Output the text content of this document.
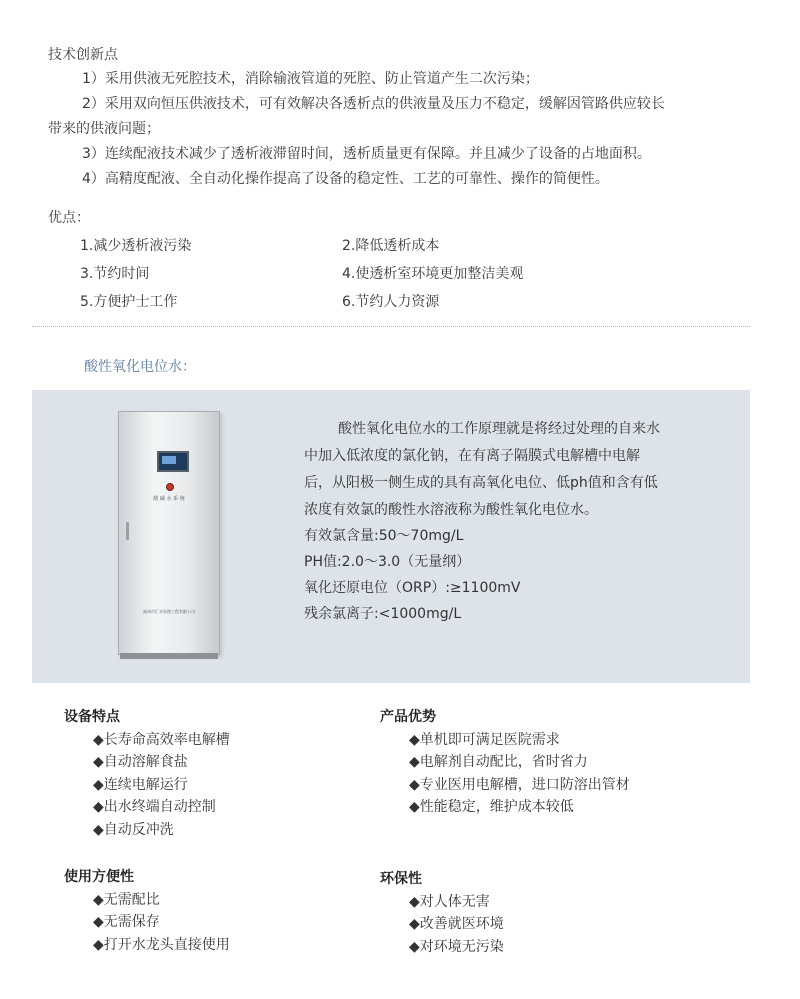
技术创新点
1）采用供液无死腔技术，消除输液管道的死腔、防止管道产生二次污染；
2）采用双向恒压供液技术，可有效解决各透析点的供液量及压力不稳定，缓解因管路供应较长
带来的供液问题；
3）连续配液技术减少了透析液滞留时间，透析质量更有保障。并且减少了设备的占地面积。
4）高精度配液、全自动化操作提高了设备的稳定性、工艺的可靠性、操作的简便性。
优点：
1.减少透析液污染
3.节约时间
5.方便护士工作
2.降低透析成本
4.使透析室环境更加整洁美观
6.节约人力资源
酸性氧化电位水：
酸 碱 水 系 统
福州市汇水处理工程有限公司
酸性氧化电位水的工作原理就是将经过处理的自来水
中加入低浓度的氯化钠，在有离子隔膜式电解槽中电解
后，从阳极一侧生成的具有高氧化电位、低ph值和含有低
浓度有效氯的酸性水溶液称为酸性氧化电位水。
有效氯含量:50～70mg/L
PH值:2.0～3.0（无量纲）
氧化还原电位（ORP）:≥1100mV
残余氯离子:<1000mg/L
设备特点
◆长寿命高效率电解槽
◆自动溶解食盐
◆连续电解运行
◆出水终端自动控制
◆自动反冲洗
产品优势
◆单机即可满足医院需求
◆电解剂自动配比，省时省力
◆专业医用电解槽，进口防溶出管材
◆性能稳定，维护成本较低
使用方便性
◆无需配比
◆无需保存
◆打开水龙头直接使用
环保性
◆对人体无害
◆改善就医环境
◆对环境无污染
